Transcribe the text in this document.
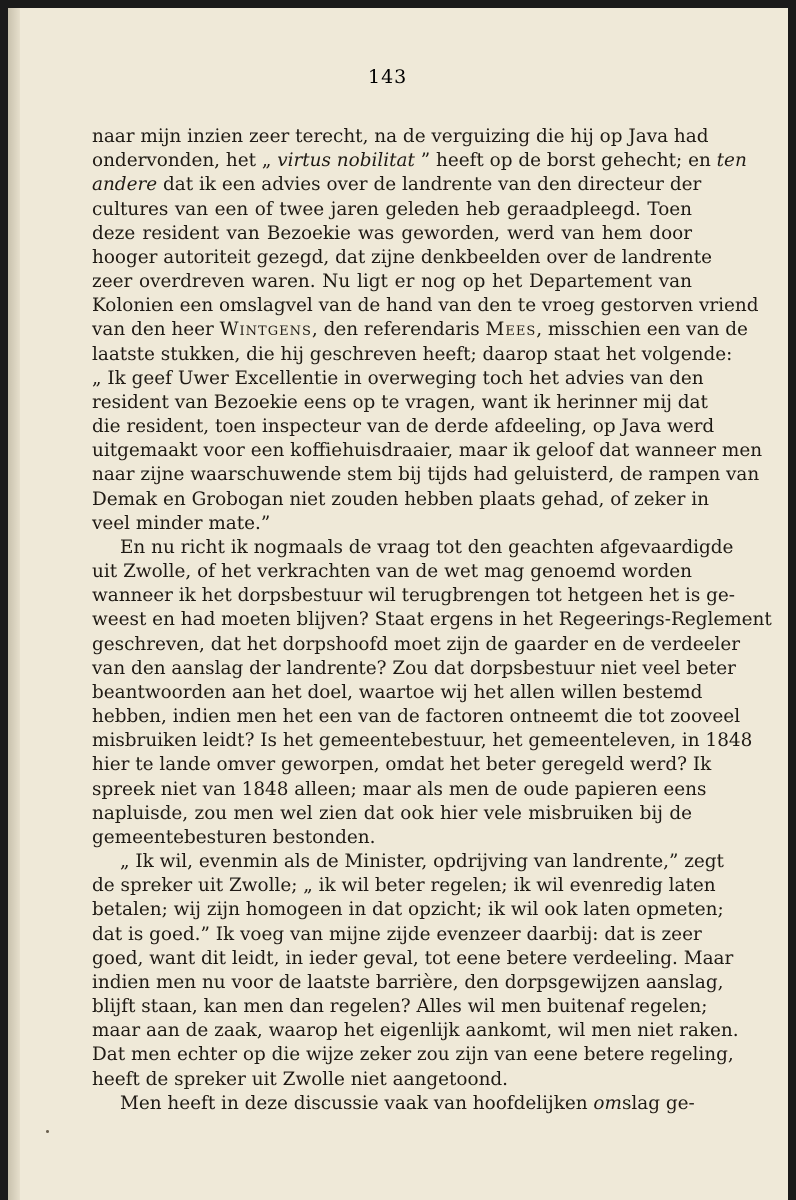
143
naar mijn inzien zeer terecht, na de verguizing die hij op Java had
ondervonden, het „ virtus nobilitat ” heeft op de borst gehecht; en ten
andere dat ik een advies over de landrente van den directeur der
cultures van een of twee jaren geleden heb geraadpleegd. Toen
deze resident van Bezoekie was geworden, werd van hem door
hooger autoriteit gezegd, dat zijne denkbeelden over de landrente
zeer overdreven waren. Nu ligt er nog op het Departement van
Kolonien een omslagvel van de hand van den te vroeg gestorven vriend
van den heer Wintgens, den referendaris Mees, misschien een van de
laatste stukken, die hij geschreven heeft; daarop staat het volgende:
„ Ik geef Uwer Excellentie in overweging toch het advies van den
resident van Bezoekie eens op te vragen, want ik herinner mij dat
die resident, toen inspecteur van de derde afdeeling, op Java werd
uitgemaakt voor een koffiehuisdraaier, maar ik geloof dat wanneer men
naar zijne waarschuwende stem bij tijds had geluisterd, de rampen van
Demak en Grobogan niet zouden hebben plaats gehad, of zeker in
veel minder mate.”
En nu richt ik nogmaals de vraag tot den geachten afgevaardigde
uit Zwolle, of het verkrachten van de wet mag genoemd worden
wanneer ik het dorpsbestuur wil terugbrengen tot hetgeen het is ge-
weest en had moeten blijven? Staat ergens in het Regeerings-Reglement
geschreven, dat het dorpshoofd moet zijn de gaarder en de verdeeler
van den aanslag der landrente? Zou dat dorpsbestuur niet veel beter
beantwoorden aan het doel, waartoe wij het allen willen bestemd
hebben, indien men het een van de factoren ontneemt die tot zooveel
misbruiken leidt? Is het gemeentebestuur, het gemeenteleven, in 1848
hier te lande omver geworpen, omdat het beter geregeld werd? Ik
spreek niet van 1848 alleen; maar als men de oude papieren eens
napluisde, zou men wel zien dat ook hier vele misbruiken bij de
gemeentebesturen bestonden.
„ Ik wil, evenmin als de Minister, opdrijving van landrente,” zegt
de spreker uit Zwolle; „ ik wil beter regelen; ik wil evenredig laten
betalen; wij zijn homogeen in dat opzicht; ik wil ook laten opmeten;
dat is goed.” Ik voeg van mijne zijde evenzeer daarbij: dat is zeer
goed, want dit leidt, in ieder geval, tot eene betere verdeeling. Maar
indien men nu voor de laatste barrière, den dorpsgewijzen aanslag,
blijft staan, kan men dan regelen? Alles wil men buitenaf regelen;
maar aan de zaak, waarop het eigenlijk aankomt, wil men niet raken.
Dat men echter op die wijze zeker zou zijn van eene betere regeling,
heeft de spreker uit Zwolle niet aangetoond.
Men heeft in deze discussie vaak van hoofdelijken omslag ge-
